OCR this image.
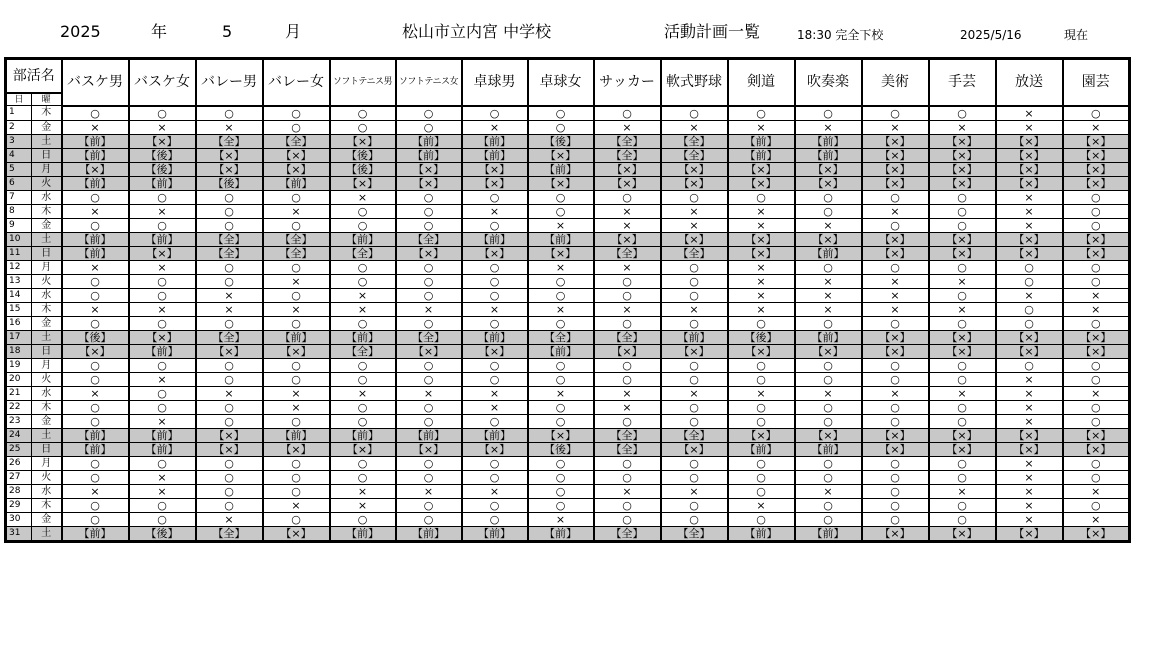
2025	年	5	月	松山市立内宮 中学校	活動計画一覧	18:30 完全下校	2025/5/16	現在
部活名		バスケ男	バスケ女	バレー男	バレー女	ソフトテニス男	ソフトテニス女	卓球男	卓球女	サッカー	軟式野球	剣道	吹奏楽	美術	手芸	放送	園芸
日	曜																
1	木	○	○	○	○	○	○	○	○	○	○	○	○	○	○	×	○
2	金	×	×	×	○	○	○	×	○	×	×	×	×	×	×	×	×
3	土	【前】	【×】	【全】	【全】	【×】	【前】	【前】	【後】	【全】	【全】	【前】	【前】	【×】	【×】	【×】	【×】
4	日	【前】	【後】	【×】	【×】	【後】	【前】	【前】	【×】	【全】	【全】	【前】	【前】	【×】	【×】	【×】	【×】
5	月	【×】	【後】	【×】	【×】	【後】	【×】	【×】	【前】	【×】	【×】	【×】	【×】	【×】	【×】	【×】	【×】
6	火	【前】	【前】	【後】	【前】	【×】	【×】	【×】	【×】	【×】	【×】	【×】	【×】	【×】	【×】	【×】	【×】
7	水	○	○	○	○	×	○	○	○	○	○	○	○	○	○	×	○
8	木	×	×	○	×	○	○	×	○	×	×	×	○	×	○	×	○
9	金	○	○	○	○	○	○	○	×	×	×	×	×	○	○	×	○
10	土	【前】	【前】	【全】	【全】	【前】	【全】	【前】	【前】	【×】	【×】	【×】	【×】	【×】	【×】	【×】	【×】
11	日	【前】	【×】	【全】	【全】	【全】	【×】	【×】	【×】	【全】	【全】	【×】	【前】	【×】	【×】	【×】	【×】
12	月	×	×	○	○	○	○	○	×	×	○	×	○	○	○	○	○
13	火	○	○	○	×	○	○	○	○	○	○	×	×	×	×	○	○
14	水	○	○	×	○	×	○	○	○	○	○	×	×	×	○	×	×
15	木	×	×	×	×	×	×	×	×	×	×	×	×	×	×	○	×
16	金	○	○	○	○	○	○	○	○	○	○	○	○	○	○	○	○
17	土	【後】	【×】	【全】	【前】	【前】	【全】	【前】	【全】	【全】	【前】	【後】	【前】	【×】	【×】	【×】	【×】
18	日	【×】	【前】	【×】	【×】	【全】	【×】	【×】	【前】	【×】	【×】	【×】	【×】	【×】	【×】	【×】	【×】
19	月	○	○	○	○	○	○	○	○	○	○	○	○	○	○	○	○
20	火	○	×	○	○	○	○	○	○	○	○	○	○	○	○	×	○
21	水	×	○	×	×	×	×	×	×	×	×	×	×	×	×	×	×
22	木	○	○	○	×	○	○	×	○	×	○	○	○	○	○	×	○
23	金	○	×	○	○	○	○	○	○	○	○	○	○	○	○	×	○
24	土	【前】	【前】	【×】	【前】	【前】	【前】	【前】	【×】	【全】	【全】	【×】	【×】	【×】	【×】	【×】	【×】
25	日	【前】	【前】	【×】	【×】	【×】	【×】	【×】	【後】	【全】	【×】	【前】	【前】	【×】	【×】	【×】	【×】
26	月	○	○	○	○	○	○	○	○	○	○	○	○	○	○	×	○
27	火	○	×	○	○	○	○	○	○	○	○	○	○	○	○	×	○
28	水	×	×	○	○	×	×	×	○	×	×	○	×	○	×	×	×
29	木	○	○	○	×	×	○	○	○	○	○	×	○	○	○	×	○
30	金	○	○	×	○	○	○	○	×	○	○	○	○	○	○	×	×
31	土	【前】	【後】	【全】	【×】	【前】	【前】	【前】	【前】	【全】	【全】	【前】	【前】	【×】	【×】	【×】	【×】
